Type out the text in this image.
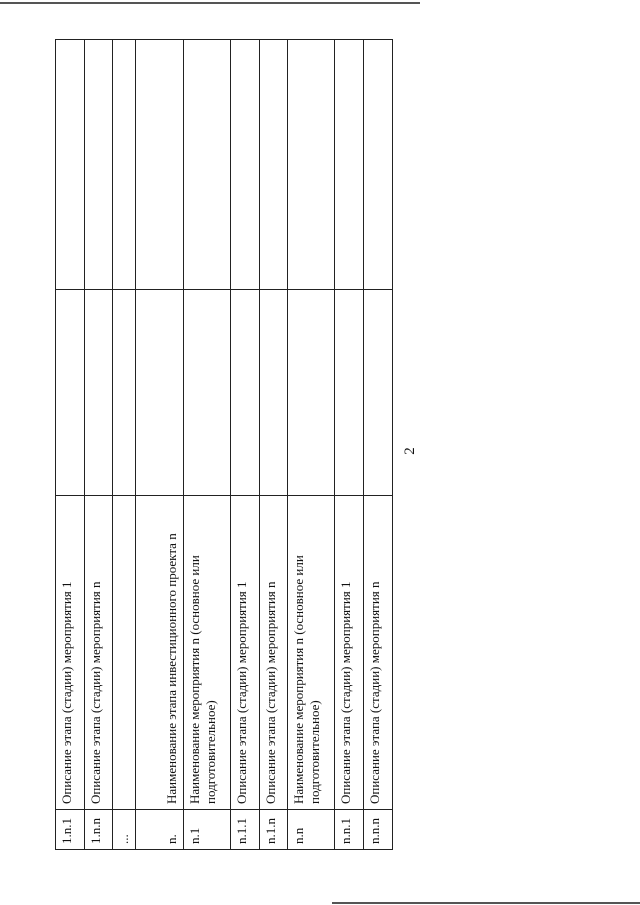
2
1.n.1	Описание этапа (стадии) мероприятия 1		
1.n.n	Описание этапа (стадии) мероприятия n		
...			
n.	Наименование этапа инвестиционного проекта n		
n.1	Наименование мероприятия n (основное или подготовительное)		
n.1.1	Описание этапа (стадии) мероприятия 1		
n.1.n	Описание этапа (стадии) мероприятия n		
n.n	Наименование мероприятия n (основное или подготовительное)		
n.n.1	Описание этапа (стадии) мероприятия 1		
n.n.n	Описание этапа (стадии) мероприятия n		
